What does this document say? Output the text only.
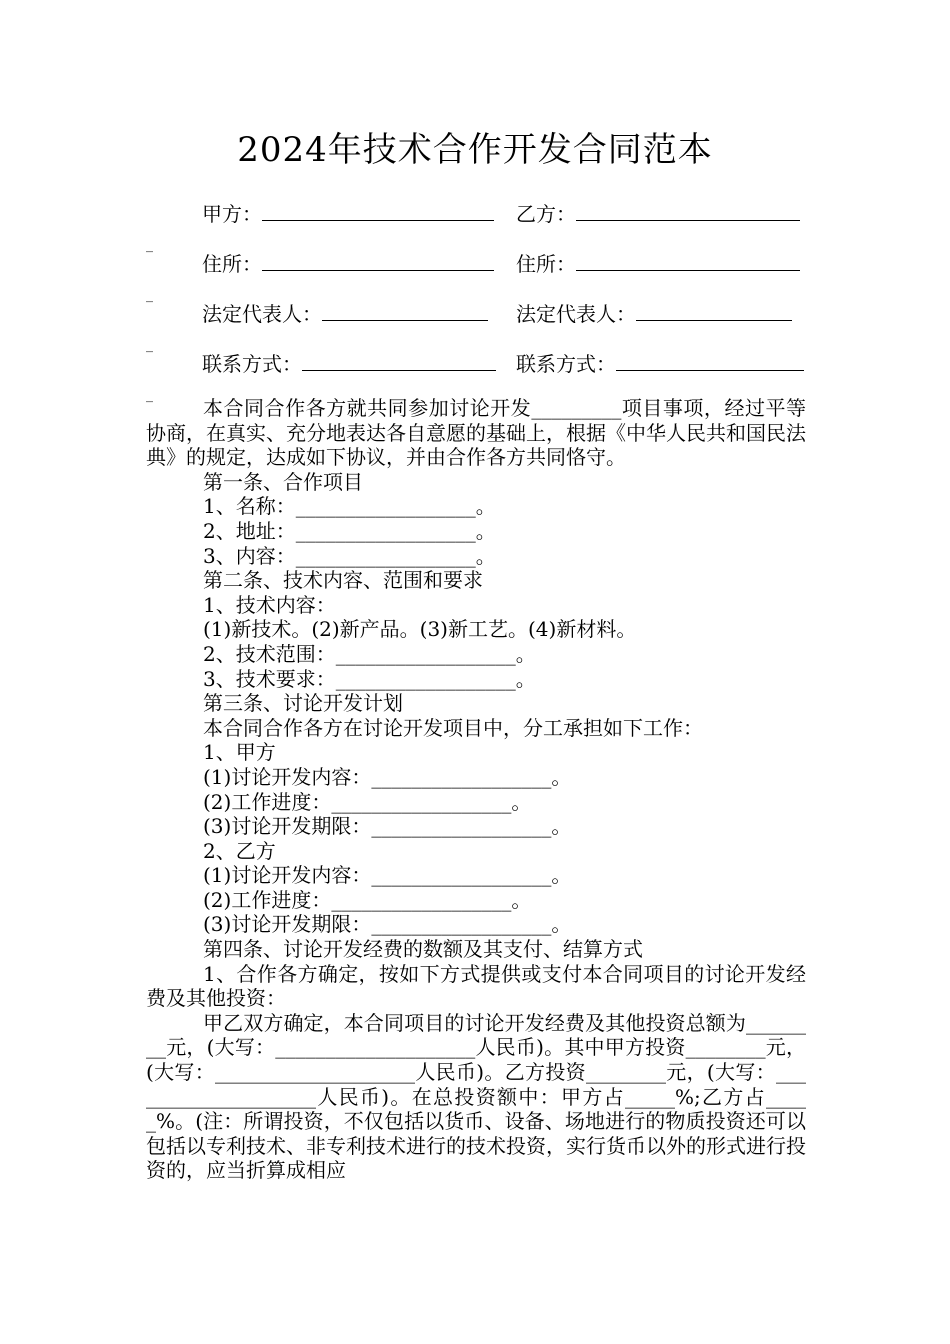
2024年技术合作开发合同范本
甲方：	乙方：
_
住所：	住所：
_
法定代表人：	法定代表人：
_
联系方式：	联系方式：
_

本合同合作各方就共同参加讨论开发_________项目事项，经过平等协商，在真实、充分地表达各自意愿的基础上，根据《中华人民共和国民法典》的规定，达成如下协议，并由合作各方共同恪守。

第一条、合作项目

1、名称：__________________。

2、地址：__________________。

3、内容：__________________。

第二条、技术内容、范围和要求

1、技术内容：

(1)新技术。(2)新产品。(3)新工艺。(4)新材料。

2、技术范围：__________________。

3、技术要求：__________________。

第三条、讨论开发计划

本合同合作各方在讨论开发项目中，分工承担如下工作：

1、甲方

(1)讨论开发内容：__________________。

(2)工作进度：__________________。

(3)讨论开发期限：__________________。

2、乙方

(1)讨论开发内容：__________________。

(2)工作进度：__________________。

(3)讨论开发期限：__________________。

第四条、讨论开发经费的数额及其支付、结算方式

1、合作各方确定，按如下方式提供或支付本合同项目的讨论开发经费及其他投资：

甲乙双方确定，本合同项目的讨论开发经费及其他投资总额为________元，(大写：____________________人民币)。其中甲方投资________元，(大写：____________________人民币)。乙方投资________元，(大写：____________________人民币)。在总投资额中：甲方占_____%;乙方占_____%。(注：所谓投资，不仅包括以货币、设备、场地进行的物质投资还可以包括以专利技术、非专利技术进行的技术投资，实行货币以外的形式进行投资的，应当折算成相应
